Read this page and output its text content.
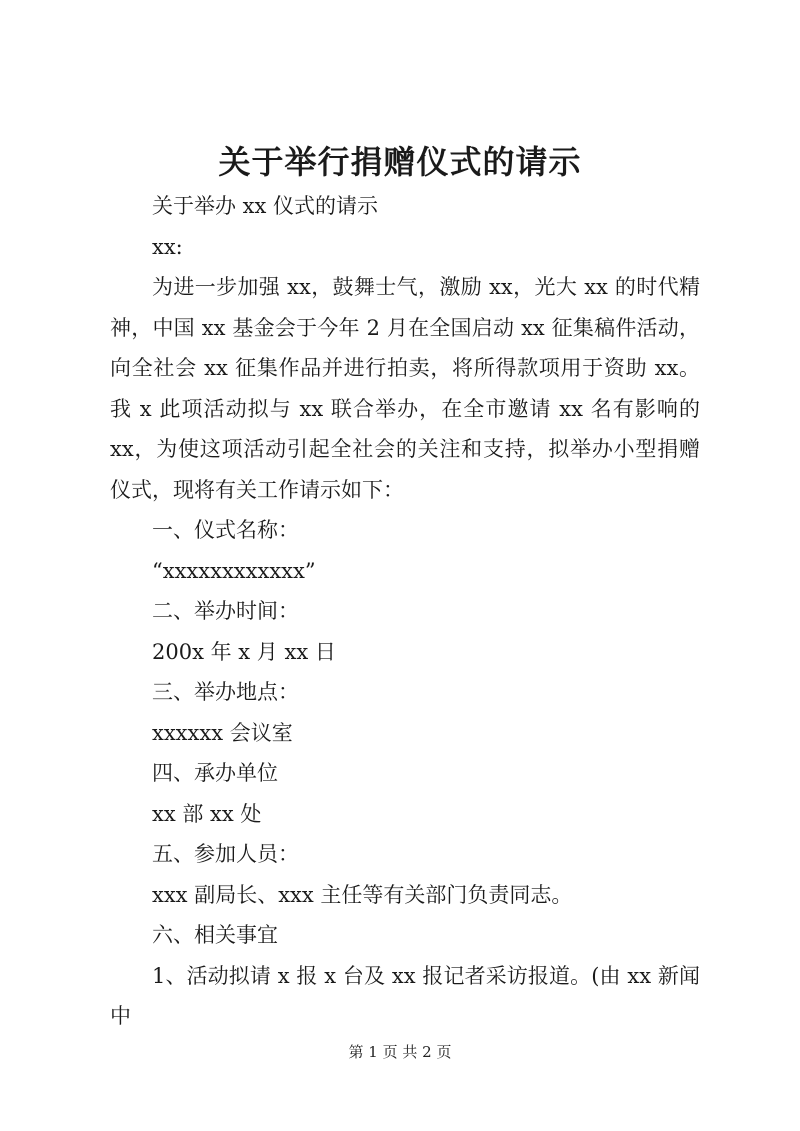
关于举行捐赠仪式的请示

关于举办 xx 仪式的请示

xx:

为进一步加强 xx，鼓舞士气，激励 xx，光大 xx 的时代精神，中国 xx 基金会于今年 2 月在全国启动 xx 征集稿件活动，向全社会 xx 征集作品并进行拍卖，将所得款项用于资助 xx。我 x 此项活动拟与 xx 联合举办，在全市邀请 xx 名有影响的 xx，为使这项活动引起全社会的关注和支持，拟举办小型捐赠仪式，现将有关工作请示如下：

一、仪式名称：

“xxxxxxxxxxxx”

二、举办时间：

200x 年 x 月 xx 日

三、举办地点：

xxxxxx 会议室

四、承办单位

xx 部 xx 处

五、参加人员：

xxx 副局长、xxx 主任等有关部门负责同志。

六、相关事宜

1、活动拟请 x 报 x 台及 xx 报记者采访报道。(由 xx 新闻中

第 1 页 共 2 页
